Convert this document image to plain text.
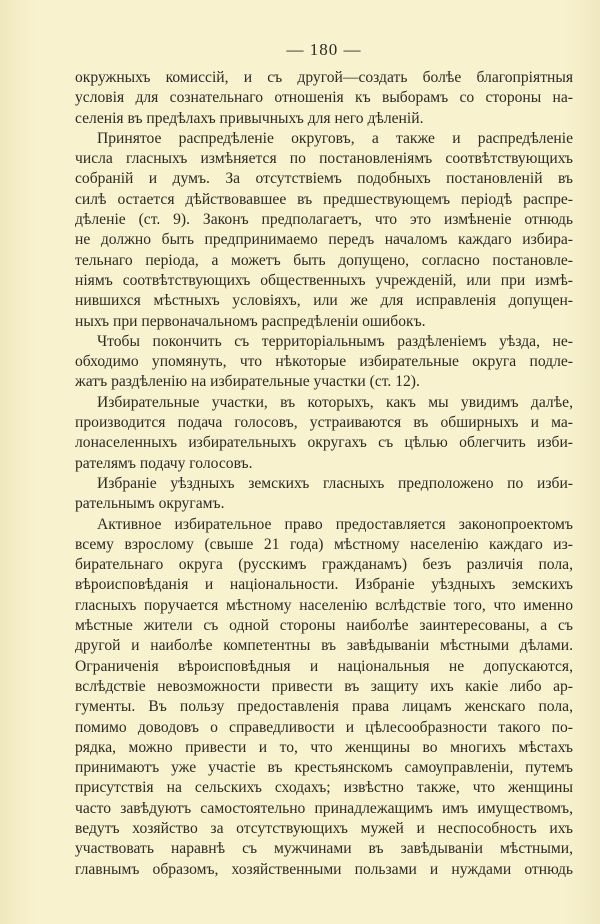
— 180 —
окружныхъ комиссій, и съ другой—создать болѣе благопріятныя
условія для сознательнаго отношенія къ выборамъ со стороны на-
селенія въ предѣлахъ привычныхъ для него дѣленій.
Принятое распредѣленіе округовъ, а также и распредѣленіе
числа гласныхъ измѣняется по постановленіямъ соотвѣтствующихъ
собраній и думъ. За отсутствіемъ подобныхъ постановленій въ
силѣ остается дѣйствовавшее въ предшествующемъ періодѣ распре-
дѣленіе (ст. 9). Законъ предполагаетъ, что это измѣненіе отнюдь
не должно быть предпринимаемо передъ началомъ каждаго избира-
тельнаго періода, а можетъ быть допущено, согласно постановле-
ніямъ соотвѣтствующихъ общественныхъ учрежденій, или при измѣ-
нившихся мѣстныхъ условіяхъ, или же для исправленія допущен-
ныхъ при первоначальномъ распредѣленіи ошибокъ.
Чтобы покончить съ территоріальнымъ раздѣленіемъ уѣзда, не-
обходимо упомянуть, что нѣкоторые избирательные округа подле-
жатъ раздѣленію на избирательные участки (ст. 12).
Избирательные участки, въ которыхъ, какъ мы увидимъ далѣе,
производится подача голосовъ, устраиваются въ обширныхъ и ма-
лонаселенныхъ избирательныхъ округахъ съ цѣлью облегчить изби-
рателямъ подачу голосовъ.
Избраніе уѣздныхъ земскихъ гласныхъ предположено по изби-
рательнымъ округамъ.
Активное избирательное право предоставляется законопроектомъ
всему взрослому (свыше 21 года) мѣстному населенію каждаго из-
бирательнаго округа (русскимъ гражданамъ) безъ различія пола,
вѣроисповѣданія и національности. Избраніе уѣздныхъ земскихъ
гласныхъ поручается мѣстному населенію вслѣдствіе того, что именно
мѣстные жители съ одной стороны наиболѣе заинтересованы, а съ
другой и наиболѣе компетентны въ завѣдываніи мѣстными дѣлами.
Ограниченія вѣроисповѣдныя и національныя не допускаются,
вслѣдствіе невозможности привести въ защиту ихъ какіе либо ар-
гументы. Въ пользу предоставленія права лицамъ женскаго пола,
помимо доводовъ о справедливости и цѣлесообразности такого по-
рядка, можно привести и то, что женщины во многихъ мѣстахъ
принимаютъ уже участіе въ крестьянскомъ самоуправленіи, путемъ
присутствія на сельскихъ сходахъ; извѣстно также, что женщины
часто завѣдуютъ самостоятельно принадлежащимъ имъ имуществомъ,
ведутъ хозяйство за отсутствующихъ мужей и неспособность ихъ
участвовать наравнѣ съ мужчинами въ завѣдываніи мѣстными,
главнымъ образомъ, хозяйственными пользами и нуждами отнюдь
